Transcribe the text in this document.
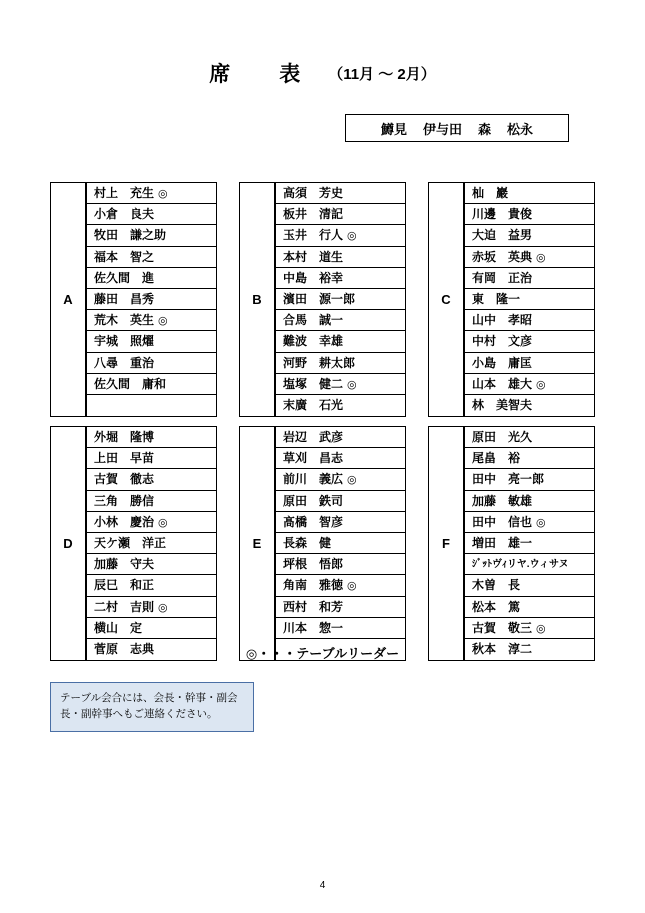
席　表 （11月 ～ 2月）
鱒見 伊与田 森 松永
A
村上　充生 ◎
小倉　良夫
牧田　謙之助
福本　智之
佐久間　進
藤田　昌秀
荒木　英生 ◎
宇城　照燿
八尋　重治
佐久間　庸和

B
高須　芳史
板井　清記
玉井　行人 ◎
本村　道生
中島　裕幸
濱田　源一郎
合馬　誠一
難波　幸雄
河野　耕太郎
塩塚　健二 ◎
末廣　石光
C
杣　巖
川邊　貴俊
大迫　益男
赤坂　英典 ◎
有岡　正治
東　隆一
山中　孝昭
中村　文彦
小島　庸匡
山本　雄大 ◎
林　美智夫
D
外堀　隆博
上田　早苗
古賀　徹志
三角　勝信
小林　慶治 ◎
天ケ瀬　洋正
加藤　守夫
辰巳　和正
二村　吉則 ◎
横山　定
菅原　志典
E
岩辺　武彦
草刈　昌志
前川　義広 ◎
原田　鉄司
髙橋　智彦
長森　健
坪根　悟郎
角南　雅徳 ◎
西村　和芳
川本　惣一

F
原田　光久
尾畠　裕
田中　亮一郎
加藤　敏雄
田中　信也 ◎
増田　雄一
ｼﾞｯﾄヴｨリヤ.ウィサヌ
木曽　長
松本　篤
古賀　敬三 ◎
秋本　淳二
◎・・・テーブルリーダー
テーブル会合には、会長・幹事・副会長・副幹事へもご連絡ください。
4
